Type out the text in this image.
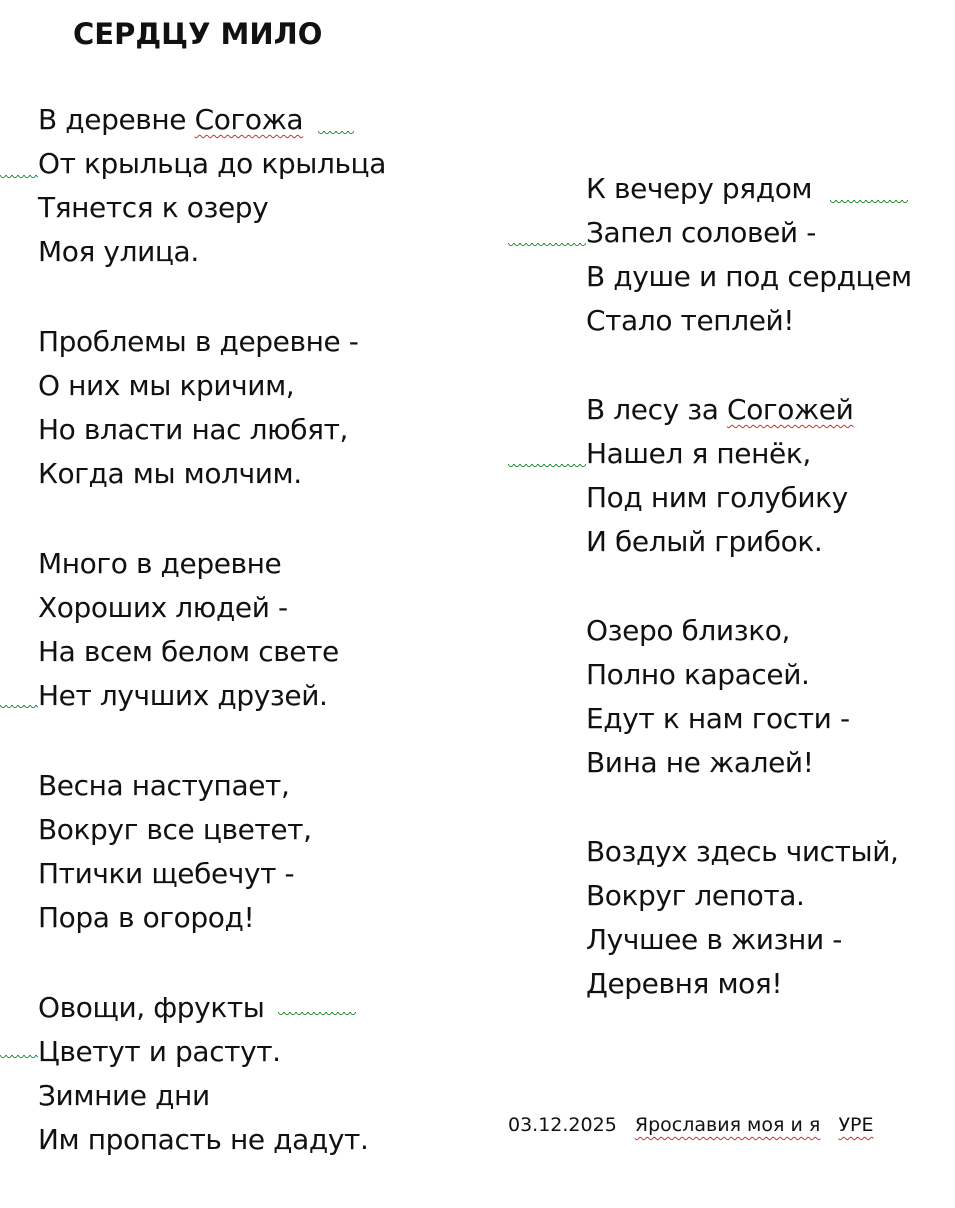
СЕРДЦУ МИЛО
В деревне Согожа
От крыльца до крыльца
Тянется к озеру
Моя улица.
Проблемы в деревне -
О них мы кричим,
Но власти нас любят,
Когда мы молчим.
Много в деревне
Хороших людей -
На всем белом свете
Нет лучших друзей.
Весна наступает,
Вокруг все цветет,
Птички щебечут -
Пора в огород!
Овощи, фрукты
Цветут и растут.
Зимние дни
Им пропасть не дадут.
К вечеру рядом
Запел соловей -
В душе и под сердцем
Стало теплей!
В лесу за Согожей
Нашел я пенёк,
Под ним голубику
И белый грибок.
Озеро близко,
Полно карасей.
Едут к нам гости -
Вина не жалей!
Воздух здесь чистый,
Вокруг лепота.
Лучшее в жизни -
Деревня моя!
03.12.2025 Ярославия моя и я УРЕ
